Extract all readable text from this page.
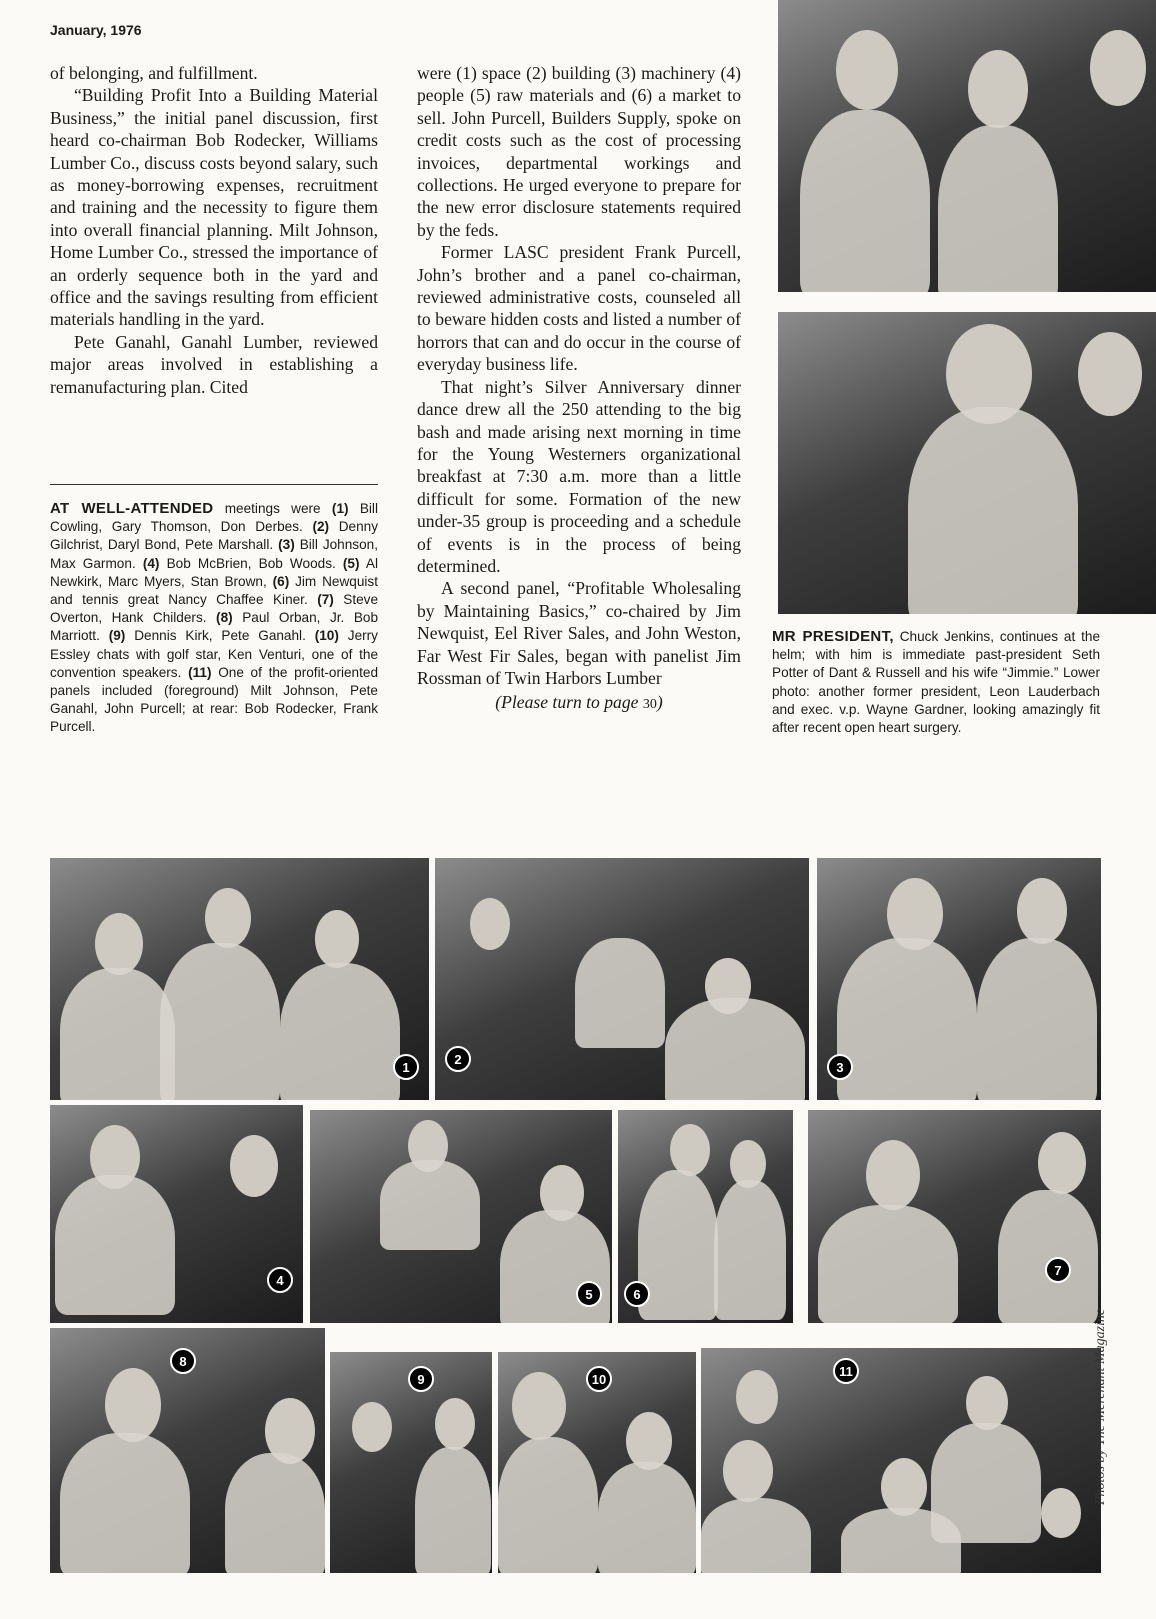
January, 1976

of belonging, and fulfillment.

“Building Profit Into a Building Material Business,” the initial panel discussion, first heard co-chairman Bob Rodecker, Williams Lumber Co., discuss costs beyond salary, such as money-borrowing expenses, recruitment and training and the necessity to figure them into overall financial planning. Milt Johnson, Home Lumber Co., stressed the importance of an orderly sequence both in the yard and office and the savings resulting from efficient materials handling in the yard.

Pete Ganahl, Ganahl Lumber, reviewed major areas involved in establishing a remanufacturing plan. Cited

were (1) space (2) building (3) machinery (4) people (5) raw materials and (6) a market to sell. John Purcell, Builders Supply, spoke on credit costs such as the cost of processing invoices, departmental workings and collections. He urged everyone to prepare for the new error disclosure statements required by the feds.

Former LASC president Frank Purcell, John’s brother and a panel co-chairman, reviewed administrative costs, counseled all to beware hidden costs and listed a number of horrors that can and do occur in the course of everyday business life.

That night’s Silver Anniversary dinner dance drew all the 250 attending to the big bash and made arising next morning in time for the Young Westerners organizational breakfast at 7:30 a.m. more than a little difficult for some. Formation of the new under-35 group is proceeding and a schedule of events is in the process of being determined.

A second panel, “Profitable Wholesaling by Maintaining Basics,” co-chaired by Jim Newquist, Eel River Sales, and John Weston, Far West Fir Sales, began with panelist Jim Rossman of Twin Harbors Lumber

(Please turn to page 30)

AT WELL-ATTENDED meetings were (1) Bill Cowling, Gary Thomson, Don Derbes. (2) Denny Gilchrist, Daryl Bond, Pete Marshall. (3) Bill Johnson, Max Garmon. (4) Bob McBrien, Bob Woods. (5) Al Newkirk, Marc Myers, Stan Brown, (6) Jim Newquist and tennis great Nancy Chaffee Kiner. (7) Steve Overton, Hank Childers. (8) Paul Orban, Jr. Bob Marriott. (9) Dennis Kirk, Pete Ganahl. (10) Jerry Essley chats with golf star, Ken Venturi, one of the convention speakers. (11) One of the profit-oriented panels included (foreground) Milt Johnson, Pete Ganahl, John Purcell; at rear: Bob Rodecker, Frank Purcell.
MR PRESIDENT, Chuck Jenkins, continues at the helm; with him is immediate past-president Seth Potter of Dant & Russell and his wife “Jimmie.” Lower photo: another former president, Leon Lauderbach and exec. v.p. Wayne Gardner, looking amazingly fit after recent open heart surgery.
1
2
3
4
5	6
7
8
9	10
11	Photos by The Merchant Magazine
